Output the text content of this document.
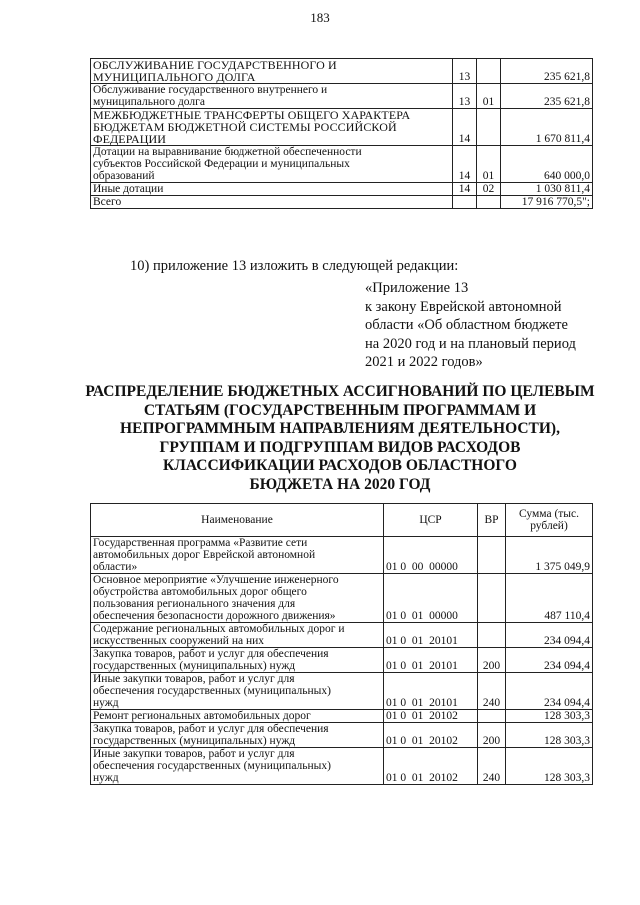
183
ОБСЛУЖИВАНИЕ ГОСУДАРСТВЕННОГО И
МУНИЦИПАЛЬНОГО ДОЛГА	13		235 621,8

Обслуживание государственного внутреннего и
муниципального долга	13	01	235 621,8

МЕЖБЮДЖЕТНЫЕ ТРАНСФЕРТЫ ОБЩЕГО ХАРАКТЕРА
БЮДЖЕТАМ БЮДЖЕТНОЙ СИСТЕМЫ РОССИЙСКОЙ
ФЕДЕРАЦИИ	14		1 670 811,4

Дотации на выравнивание бюджетной обеспеченности
субъектов Российской Федерации и муниципальных
образований	14	01	640 000,0

Иные дотации	14	02	1 030 811,4
Всего			17 916 770,5";
10) приложение 13 изложить в следующей редакции:
«Приложение 13
к закону Еврейской автономной
области «Об областном бюджете
на 2020 год и на плановый период
2021 и 2022 годов»
РАСПРЕДЕЛЕНИЕ БЮДЖЕТНЫХ АССИГНОВАНИЙ ПО ЦЕЛЕВЫМ
СТАТЬЯМ (ГОСУДАРСТВЕННЫМ ПРОГРАММАМ И
НЕПРОГРАММНЫМ НАПРАВЛЕНИЯМ ДЕЯТЕЛЬНОСТИ),
ГРУППАМ И ПОДГРУППАМ ВИДОВ РАСХОДОВ
КЛАССИФИКАЦИИ РАСХОДОВ ОБЛАСТНОГО
БЮДЖЕТА НА 2020 ГОД
Наименование	ЦСР	ВР	Сумма (тыс.
рублей)

Государственная программа «Развитие сети
автомобильных дорог Еврейской автономной
области»	01 0  00  00000		1 375 049,9

Основное мероприятие «Улучшение инженерного
обустройства автомобильных дорог общего
пользования регионального значения для
обеспечения безопасности дорожного движения»	01 0  01  00000		487 110,4

Содержание региональных автомобильных дорог и
искусственных сооружений на них	01 0  01  20101		234 094,4

Закупка товаров, работ и услуг для обеспечения
государственных (муниципальных) нужд	01 0  01  20101	200	234 094,4

Иные закупки товаров, работ и услуг для
обеспечения государственных (муниципальных)
нужд	01 0  01  20101	240	234 094,4

Ремонт региональных автомобильных дорог	01 0  01  20102		128 303,3

Закупка товаров, работ и услуг для обеспечения
государственных (муниципальных) нужд	01 0  01  20102	200	128 303,3

Иные закупки товаров, работ и услуг для
обеспечения государственных (муниципальных)
нужд	01 0  01  20102	240	128 303,3
